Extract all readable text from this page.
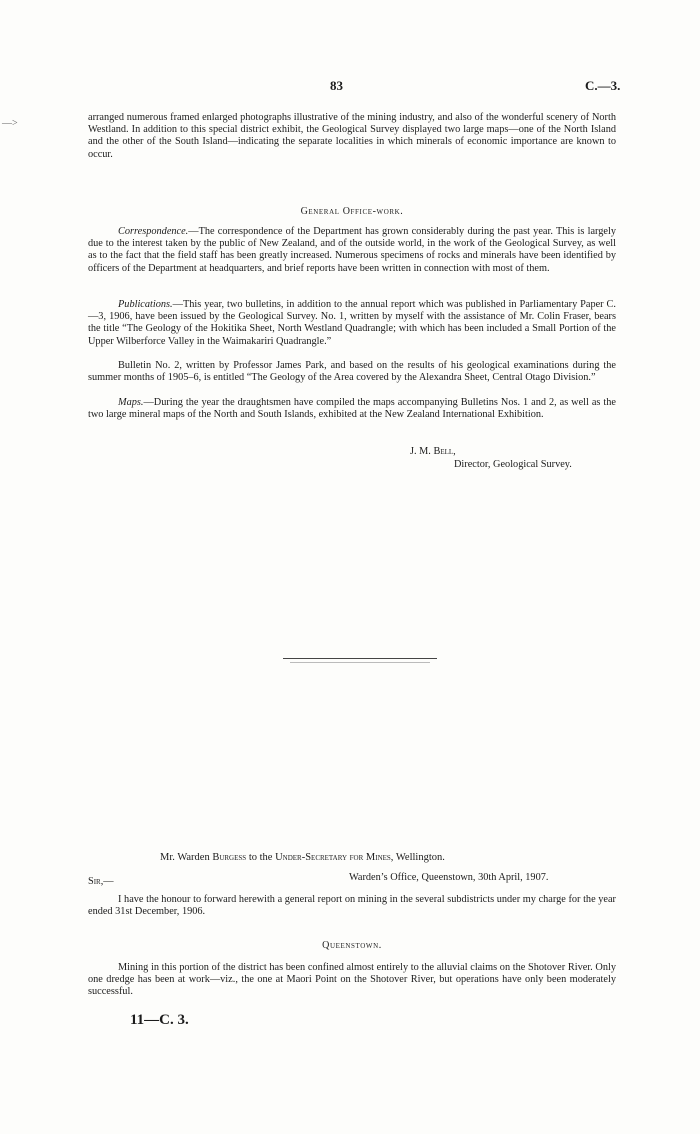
—>
83	C.—3.

arranged numerous framed enlarged photographs illustrative of the mining industry, and also of the wonderful scenery of North Westland. In addition to this special district exhibit, the Geological Survey displayed two large maps—one of the North Island and the other of the South Island—indicating the separate localities in which minerals of economic importance are known to occur.

General Office-work.

Correspondence.—The correspondence of the Department has grown considerably during the past year. This is largely due to the interest taken by the public of New Zealand, and of the outside world, in the work of the Geological Survey, as well as to the fact that the field staff has been greatly increased. Numerous specimens of rocks and minerals have been identified by officers of the Department at headquarters, and brief reports have been written in connection with most of them.

Publications.—This year, two bulletins, in addition to the annual report which was published in Parliamentary Paper C.—3, 1906, have been issued by the Geological Survey. No. 1, written by myself with the assistance of Mr. Colin Fraser, bears the title “The Geology of the Hokitika Sheet, North Westland Quadrangle; with which has been included a Small Portion of the Upper Wilberforce Valley in the Waimakariri Quadrangle.”

Bulletin No. 2, written by Professor James Park, and based on the results of his geological examinations during the summer months of 1905–6, is entitled “The Geology of the Area covered by the Alexandra Sheet, Central Otago Division.”

Maps.—During the year the draughtsmen have compiled the maps accompanying Bulletins Nos. 1 and 2, as well as the two large mineral maps of the North and South Islands, exhibited at the New Zealand International Exhibition.

J. M. Bell,
Director, Geological Survey.
Mr. Warden Burgess to the Under-Secretary for Mines, Wellington.
Sir,—	Warden’s Office, Queenstown, 30th April, 1907.

I have the honour to forward herewith a general report on mining in the several subdistricts under my charge for the year ended 31st December, 1906.

Queenstown.

Mining in this portion of the district has been confined almost entirely to the alluvial claims on the Shotover River. Only one dredge has been at work—viz., the one at Maori Point on the Shotover River, but operations have only been moderately successful.

11—C. 3.
